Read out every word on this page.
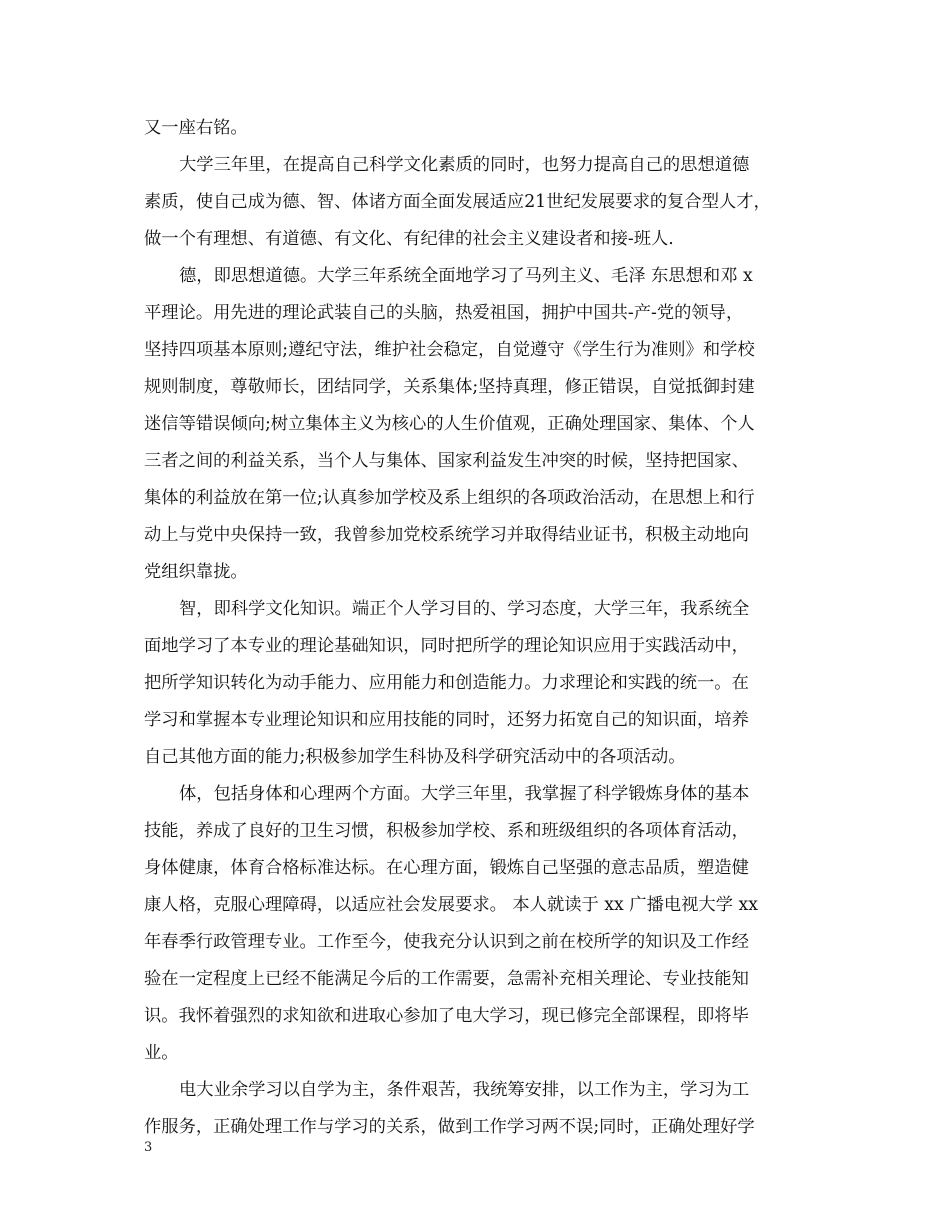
又一座右铭。
大学三年里，在提高自己科学文化素质的同时，也努力提高自己的思想道德
素质，使自己成为德、智、体诸方面全面发展适应21世纪发展要求的复合型人才，
做一个有理想、有道德、有文化、有纪律的社会主义建设者和接-班人.
德，即思想道德。大学三年系统全面地学习了马列主义、毛泽 东思想和邓 x
平理论。用先进的理论武装自己的头脑，热爱祖国，拥护中国共-产-党的领导，
坚持四项基本原则;遵纪守法，维护社会稳定，自觉遵守《学生行为准则》和学校
规则制度，尊敬师长，团结同学，关系集体;坚持真理，修正错误，自觉抵御封建
迷信等错误倾向;树立集体主义为核心的人生价值观，正确处理国家、集体、个人
三者之间的利益关系，当个人与集体、国家利益发生冲突的时候，坚持把国家、
集体的利益放在第一位;认真参加学校及系上组织的各项政治活动，在思想上和行
动上与党中央保持一致，我曾参加党校系统学习并取得结业证书，积极主动地向
党组织靠拢。
智，即科学文化知识。端正个人学习目的、学习态度，大学三年，我系统全
面地学习了本专业的理论基础知识，同时把所学的理论知识应用于实践活动中，
把所学知识转化为动手能力、应用能力和创造能力。力求理论和实践的统一。在
学习和掌握本专业理论知识和应用技能的同时，还努力拓宽自己的知识面，培养
自己其他方面的能力;积极参加学生科协及科学研究活动中的各项活动。
体，包括身体和心理两个方面。大学三年里，我掌握了科学锻炼身体的基本
技能，养成了良好的卫生习惯，积极参加学校、系和班级组织的各项体育活动，
身体健康，体育合格标准达标。在心理方面，锻炼自己坚强的意志品质，塑造健
康人格，克服心理障碍，以适应社会发展要求。 本人就读于 xx 广播电视大学 xx
年春季行政管理专业。工作至今，使我充分认识到之前在校所学的知识及工作经
验在一定程度上已经不能满足今后的工作需要，急需补充相关理论、专业技能知
识。我怀着强烈的求知欲和进取心参加了电大学习，现已修完全部课程，即将毕
业。
电大业余学习以自学为主，条件艰苦，我统筹安排，以工作为主，学习为工
作服务，正确处理工作与学习的关系，做到工作学习两不误;同时，正确处理好学
3
